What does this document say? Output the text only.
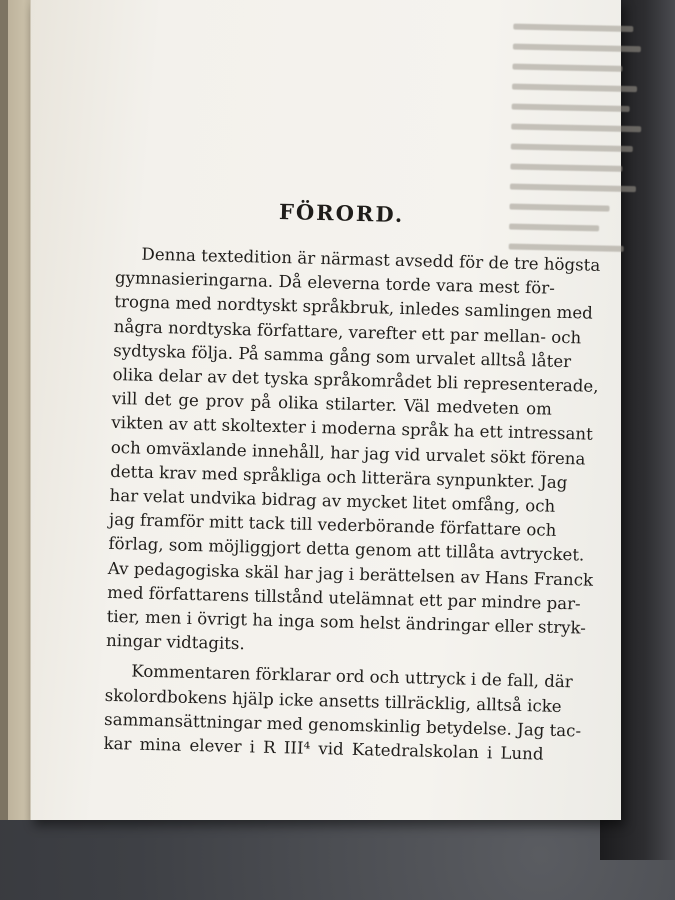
FÖRORD.
Denna textedition är närmast avsedd för de tre högsta
gymnasieringarna. Då eleverna torde vara mest för-
trogna med nordtyskt språkbruk, inledes samlingen med
några nordtyska författare, varefter ett par mellan- och
sydtyska följa. På samma gång som urvalet alltså låter
olika delar av det tyska språkområdet bli representerade,
vill det ge prov på olika stilarter. Väl medveten om
vikten av att skoltexter i moderna språk ha ett intressant
och omväxlande innehåll, har jag vid urvalet sökt förena
detta krav med språkliga och litterära synpunkter. Jag
har velat undvika bidrag av mycket litet omfång, och
jag framför mitt tack till vederbörande författare och
förlag, som möjliggjort detta genom att tillåta avtrycket.
Av pedagogiska skäl har jag i berättelsen av Hans Franck
med författarens tillstånd utelämnat ett par mindre par-
tier, men i övrigt ha inga som helst ändringar eller stryk-
ningar vidtagits.
Kommentaren förklarar ord och uttryck i de fall, där
skolordbokens hjälp icke ansetts tillräcklig, alltså icke
sammansättningar med genomskinlig betydelse. Jag tac-
kar mina elever i R III⁴ vid Katedralskolan i Lund
